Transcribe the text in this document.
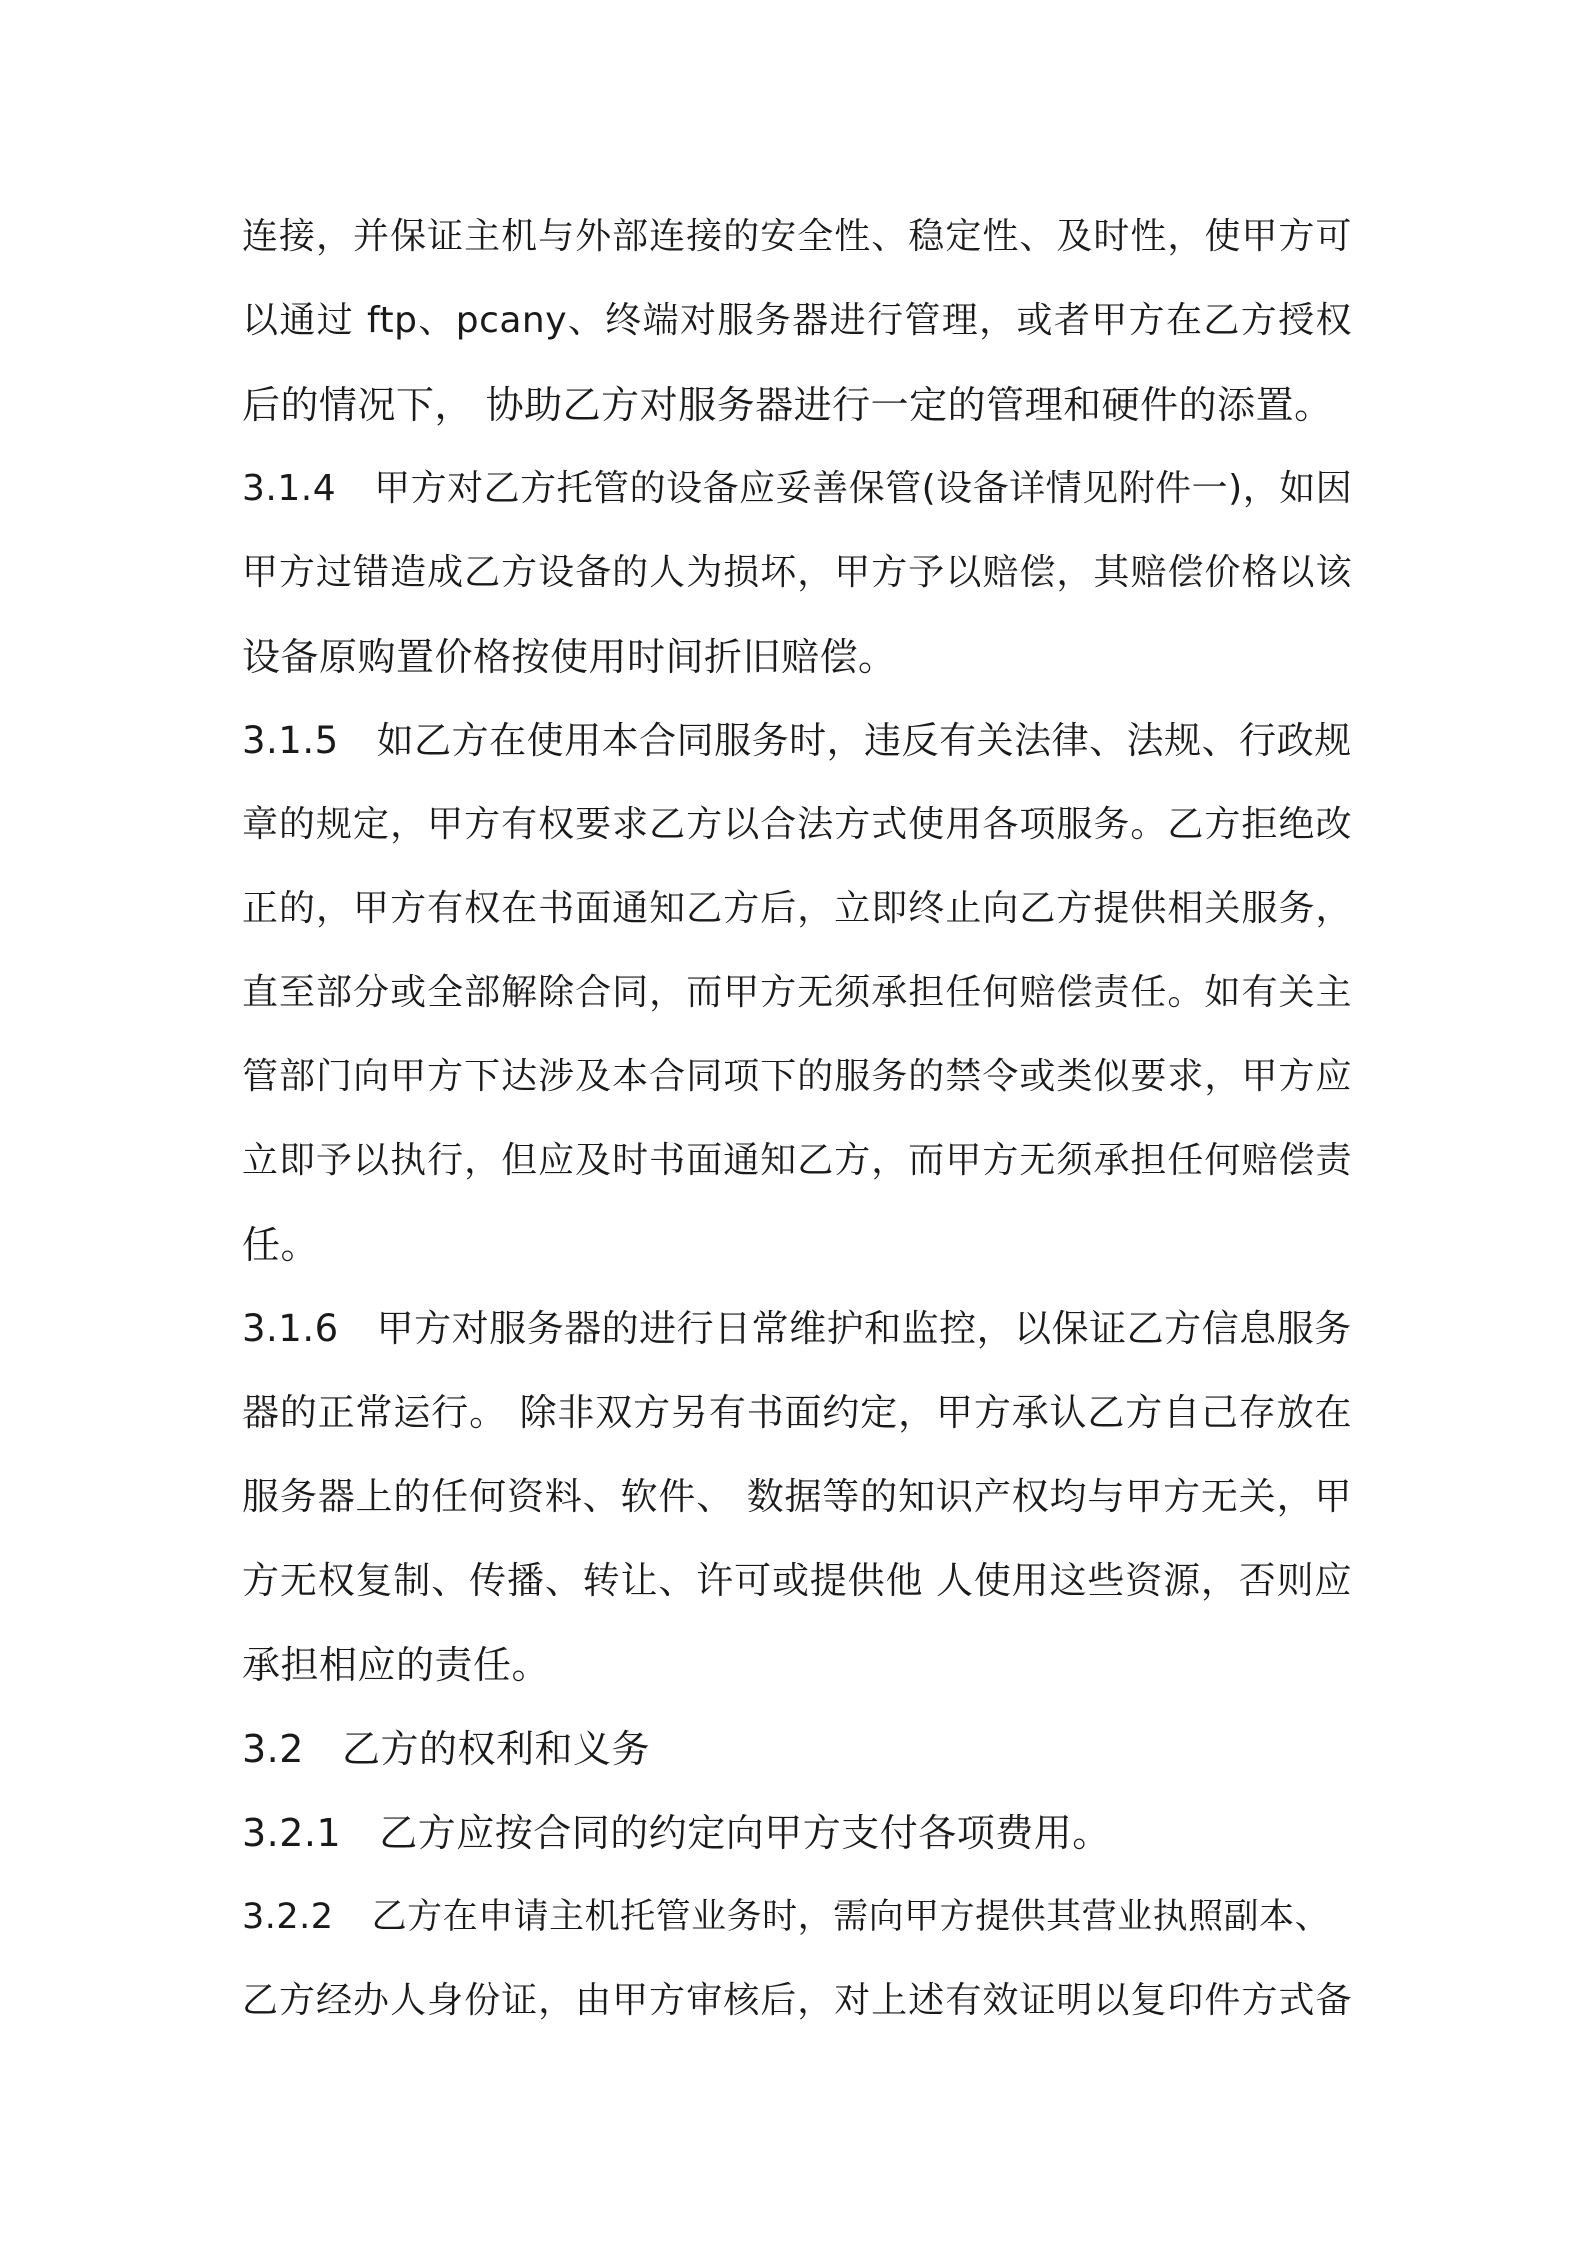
连接，并保证主机与外部连接的安全性、稳定性、及时性，使甲方可
以通过 ftp、pcany、终端对服务器进行管理，或者甲方在乙方授权
后的情况下， 协助乙方对服务器进行一定的管理和硬件的添置。
3.1.4 甲方对乙方托管的设备应妥善保管(设备详情见附件一)，如因
甲方过错造成乙方设备的人为损坏，甲方予以赔偿，其赔偿价格以该
设备原购置价格按使用时间折旧赔偿。
3.1.5 如乙方在使用本合同服务时，违反有关法律、法规、行政规
章的规定，甲方有权要求乙方以合法方式使用各项服务。乙方拒绝改
正的，甲方有权在书面通知乙方后，立即终止向乙方提供相关服务，
直至部分或全部解除合同，而甲方无须承担任何赔偿责任。如有关主
管部门向甲方下达涉及本合同项下的服务的禁令或类似要求，甲方应
立即予以执行，但应及时书面通知乙方，而甲方无须承担任何赔偿责
任。
3.1.6 甲方对服务器的进行日常维护和监控，以保证乙方信息服务
器的正常运行。 除非双方另有书面约定，甲方承认乙方自己存放在
服务器上的任何资料、软件、 数据等的知识产权均与甲方无关，甲
方无权复制、传播、转让、许可或提供他 人使用这些资源，否则应
承担相应的责任。
3.2 乙方的权利和义务
3.2.1 乙方应按合同的约定向甲方支付各项费用。
3.2.2 乙方在申请主机托管业务时，需向甲方提供其营业执照副本、
乙方经办人身份证，由甲方审核后，对上述有效证明以复印件方式备
